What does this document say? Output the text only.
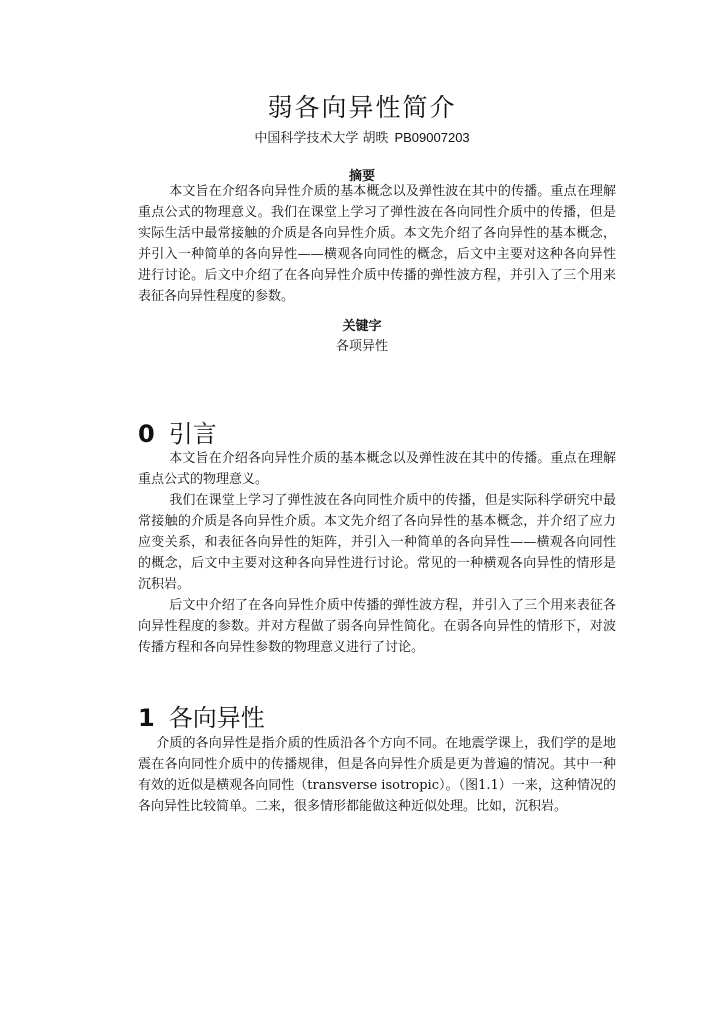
弱各向异性简介
中国科学技术大学 胡昳 PB09007203
摘要

本文旨在介绍各向异性介质的基本概念以及弹性波在其中的传播。重点在理解重点公式的物理意义。我们在课堂上学习了弹性波在各向同性介质中的传播，但是实际生活中最常接触的介质是各向异性介质。本文先介绍了各向异性的基本概念，并引入一种简单的各向异性——横观各向同性的概念，后文中主要对这种各向异性进行讨论。后文中介绍了在各向异性介质中传播的弹性波方程，并引入了三个用来表征各向异性程度的参数。

关键字
各项异性
0 引言

本文旨在介绍各向异性介质的基本概念以及弹性波在其中的传播。重点在理解重点公式的物理意义。

我们在课堂上学习了弹性波在各向同性介质中的传播，但是实际科学研究中最常接触的介质是各向异性介质。本文先介绍了各向异性的基本概念，并介绍了应力应变关系，和表征各向异性的矩阵，并引入一种简单的各向异性——横观各向同性的概念，后文中主要对这种各向异性进行讨论。常见的一种横观各向异性的情形是沉积岩。

后文中介绍了在各向异性介质中传播的弹性波方程，并引入了三个用来表征各向异性程度的参数。并对方程做了弱各向异性简化。在弱各向异性的情形下，对波传播方程和各向异性参数的物理意义进行了讨论。

1 各向异性

介质的各向异性是指介质的性质沿各个方向不同。在地震学课上，我们学的是地震在各向同性介质中的传播规律，但是各向异性介质是更为普遍的情况。其中一种有效的近似是横观各向同性（transverse isotropic）。（图1.1）一来，这种情况的各向异性比较简单。二来，很多情形都能做这种近似处理。比如，沉积岩。
